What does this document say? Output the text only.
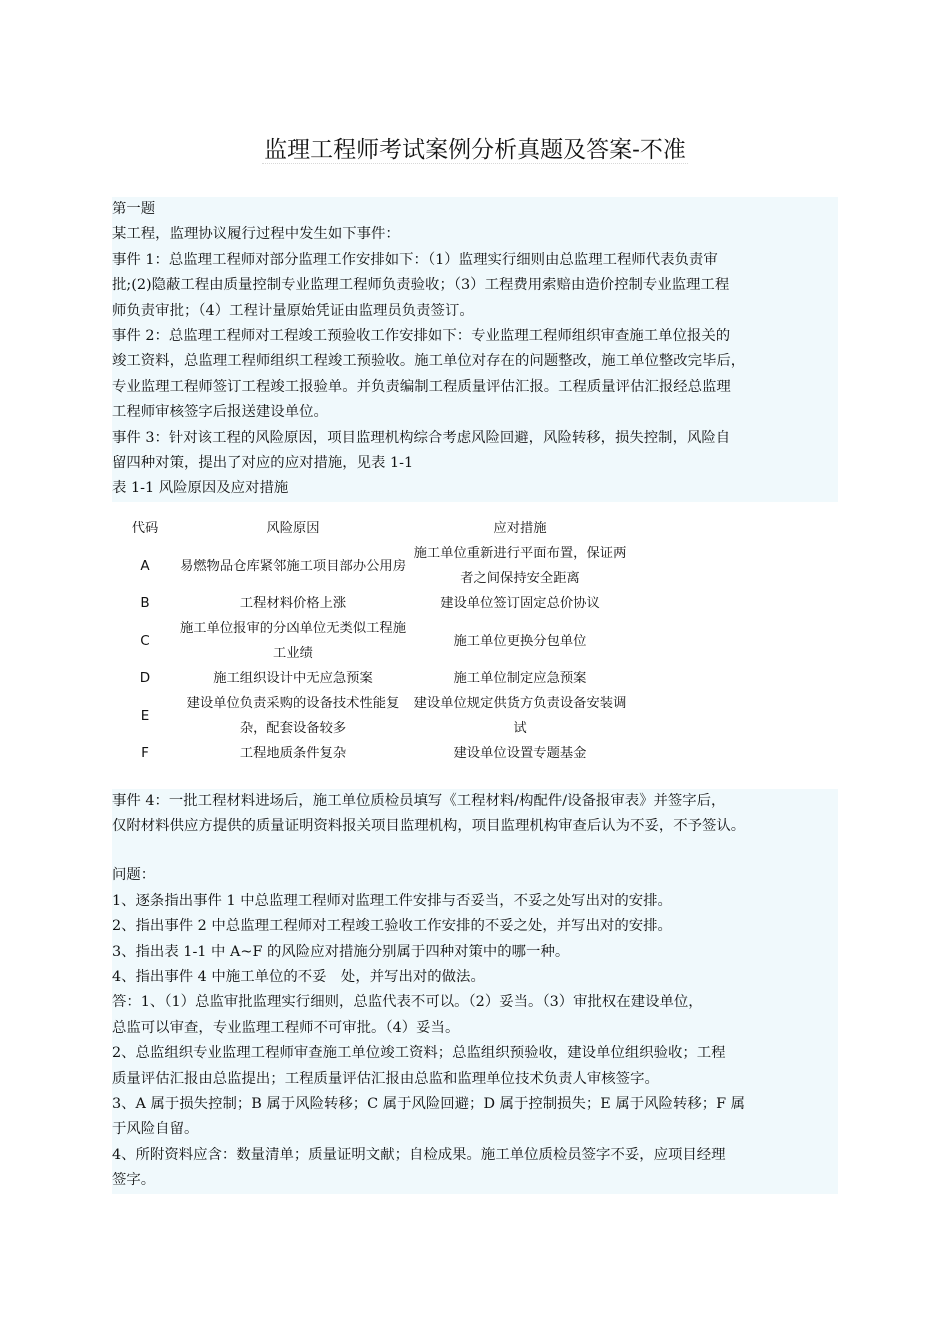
监理工程师考试案例分析真题及答案-不准

第一题

某工程，监理协议履行过程中发生如下事件：

事件 1：总监理工程师对部分监理工作安排如下：（1）监理实行细则由总监理工程师代表负责审

批;(2)隐蔽工程由质量控制专业监理工程师负责验收；（3）工程费用索赔由造价控制专业监理工程

师负责审批；（4）工程计量原始凭证由监理员负责签订。

事件 2：总监理工程师对工程竣工预验收工作安排如下：专业监理工程师组织审查施工单位报关的

竣工资料，总监理工程师组织工程竣工预验收。施工单位对存在的问题整改，施工单位整改完毕后，

专业监理工程师签订工程竣工报验单。并负责编制工程质量评估汇报。工程质量评估汇报经总监理

工程师审核签字后报送建设单位。

事件 3：针对该工程的风险原因，项目监理机构综合考虑风险回避，风险转移，损失控制，风险自

留四种对策，提出了对应的应对措施，见表 1-1

表 1-1 风险原因及应对措施

代码	风险原因	应对措施
A	易燃物品仓库紧邻施工项目部办公用房	施工单位重新进行平面布置，保证两者之间保持安全距离
B	工程材料价格上涨	建设单位签订固定总价协议
C	施工单位报审的分凶单位无类似工程施工业绩	施工单位更换分包单位
D	施工组织设计中无应急预案	施工单位制定应急预案
E	建设单位负责采购的设备技术性能复杂，配套设备较多	建设单位规定供货方负责设备安装调试
F	工程地质条件复杂	建设单位设置专题基金

事件 4：一批工程材料进场后，施工单位质检员填写《工程材料/构配件/设备报审表》并签字后，

仅附材料供应方提供的质量证明资料报关项目监理机构，项目监理机构审查后认为不妥，不予签认。

问题：

1、逐条指出事件 1 中总监理工程师对监理工件安排与否妥当，不妥之处写出对的安排。

2、指出事件 2 中总监理工程师对工程竣工验收工作安排的不妥之处，并写出对的安排。

3、指出表 1-1 中 A~F 的风险应对措施分别属于四种对策中的哪一种。

4、指出事件 4 中施工单位的不妥　处，并写出对的做法。

答：1、（1）总监审批监理实行细则，总监代表不可以。（2）妥当。（3）审批权在建设单位，

总监可以审查，专业监理工程师不可审批。（4）妥当。

2、总监组织专业监理工程师审查施工单位竣工资料；总监组织预验收，建设单位组织验收；工程

质量评估汇报由总监提出；工程质量评估汇报由总监和监理单位技术负责人审核签字。

3、A 属于损失控制；B 属于风险转移；C 属于风险回避；D 属于控制损失；E 属于风险转移；F 属

于风险自留。

4、所附资料应含：数量清单；质量证明文献；自检成果。施工单位质检员签字不妥，应项目经理

签字。
